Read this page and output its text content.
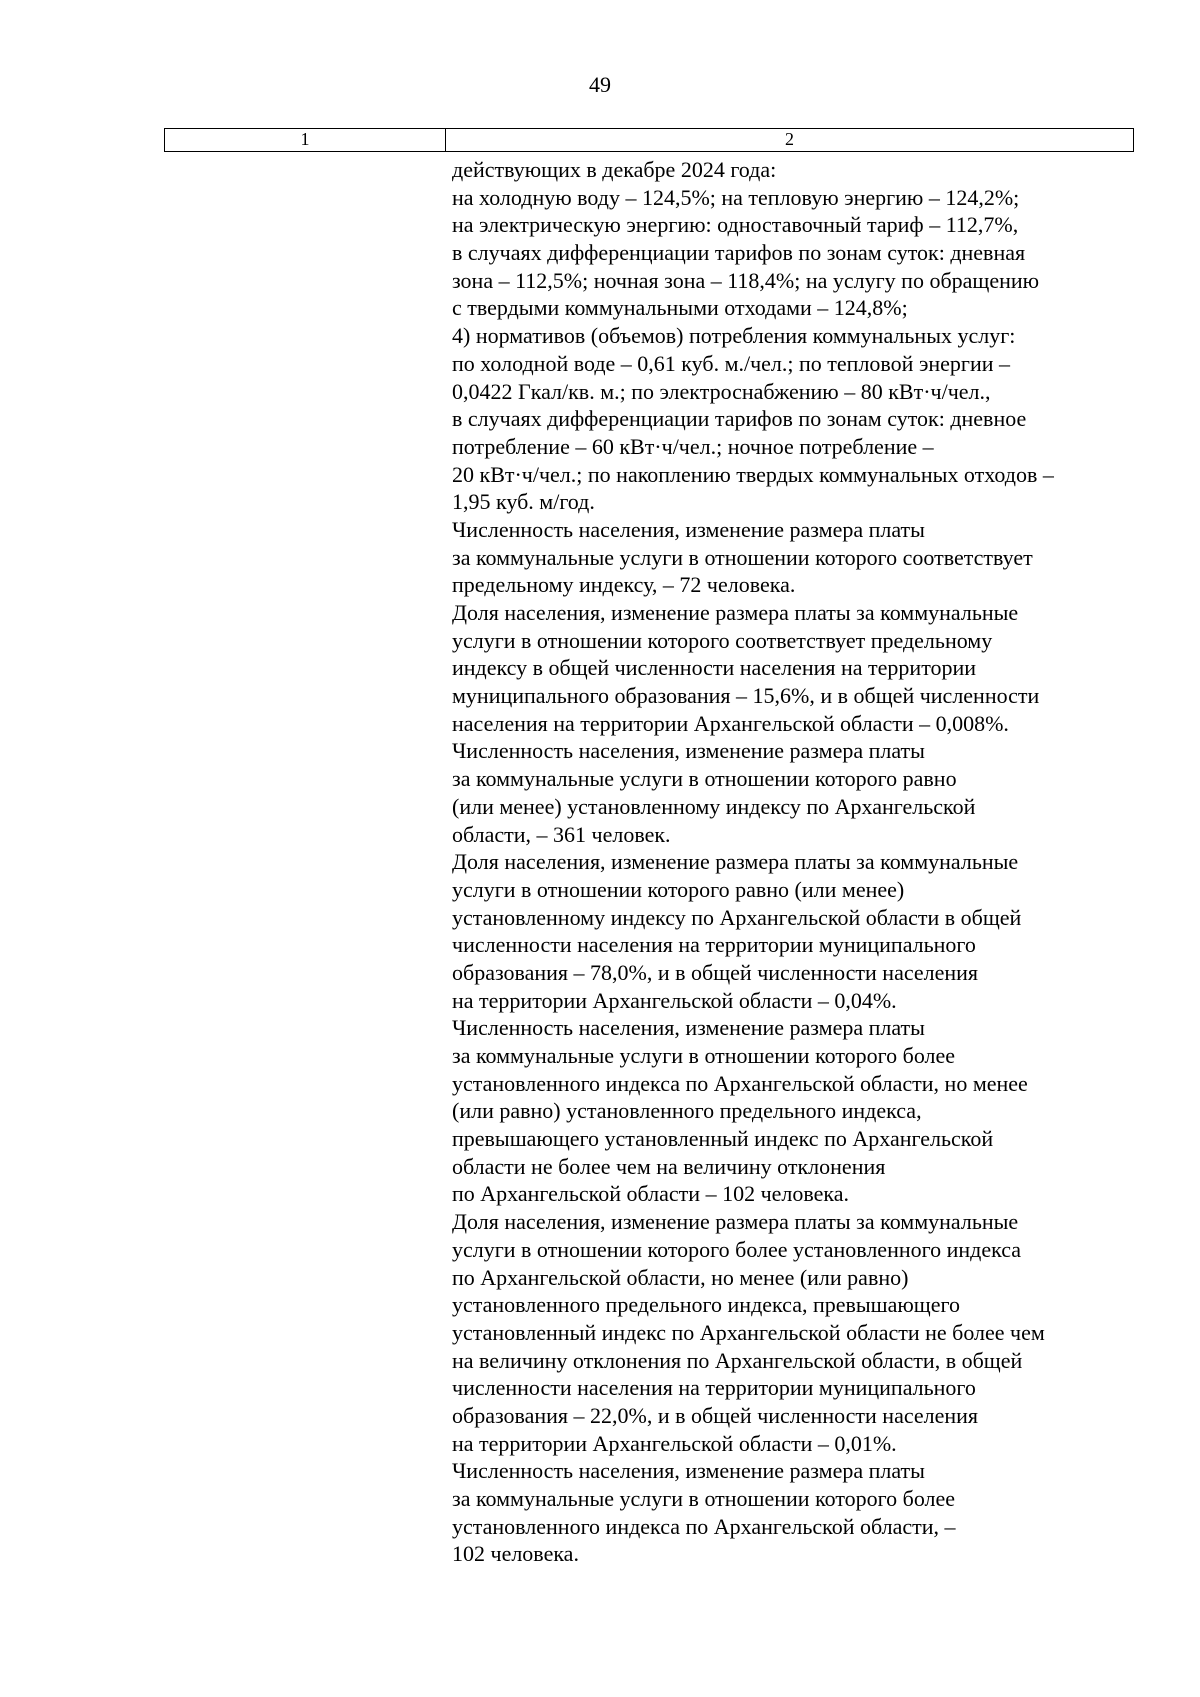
49
1	2
действующих в декабре 2024 года:
на холодную воду – 124,5%; на тепловую энергию – 124,2%;
на электрическую энергию: одноставочный тариф – 112,7%,
в случаях дифференциации тарифов по зонам суток: дневная
зона – 112,5%; ночная зона – 118,4%; на услугу по обращению
с твердыми коммунальными отходами – 124,8%;
4) нормативов (объемов) потребления коммунальных услуг:
по холодной воде – 0,61 куб. м./чел.; по тепловой энергии –
0,0422 Гкал/кв. м.; по электроснабжению – 80 кВт·ч/чел.,
в случаях дифференциации тарифов по зонам суток: дневное
потребление – 60 кВт·ч/чел.; ночное потребление –
20 кВт·ч/чел.; по накоплению твердых коммунальных отходов –
1,95 куб. м/год.
Численность населения, изменение размера платы
за коммунальные услуги в отношении которого соответствует
предельному индексу, – 72 человека.
Доля населения, изменение размера платы за коммунальные
услуги в отношении которого соответствует предельному
индексу в общей численности населения на территории
муниципального образования – 15,6%, и в общей численности
населения на территории Архангельской области – 0,008%.
Численность населения, изменение размера платы
за коммунальные услуги в отношении которого равно
(или менее) установленному индексу по Архангельской
области, – 361 человек.
Доля населения, изменение размера платы за коммунальные
услуги в отношении которого равно (или менее)
установленному индексу по Архангельской области в общей
численности населения на территории муниципального
образования – 78,0%, и в общей численности населения
на территории Архангельской области – 0,04%.
Численность населения, изменение размера платы
за коммунальные услуги в отношении которого более
установленного индекса по Архангельской области, но менее
(или равно) установленного предельного индекса,
превышающего установленный индекс по Архангельской
области не более чем на величину отклонения
по Архангельской области – 102 человека.
Доля населения, изменение размера платы за коммунальные
услуги в отношении которого более установленного индекса
по Архангельской области, но менее (или равно)
установленного предельного индекса, превышающего
установленный индекс по Архангельской области не более чем
на величину отклонения по Архангельской области, в общей
численности населения на территории муниципального
образования – 22,0%, и в общей численности населения
на территории Архангельской области – 0,01%.
Численность населения, изменение размера платы
за коммунальные услуги в отношении которого более
установленного индекса по Архангельской области, –
102 человека.
